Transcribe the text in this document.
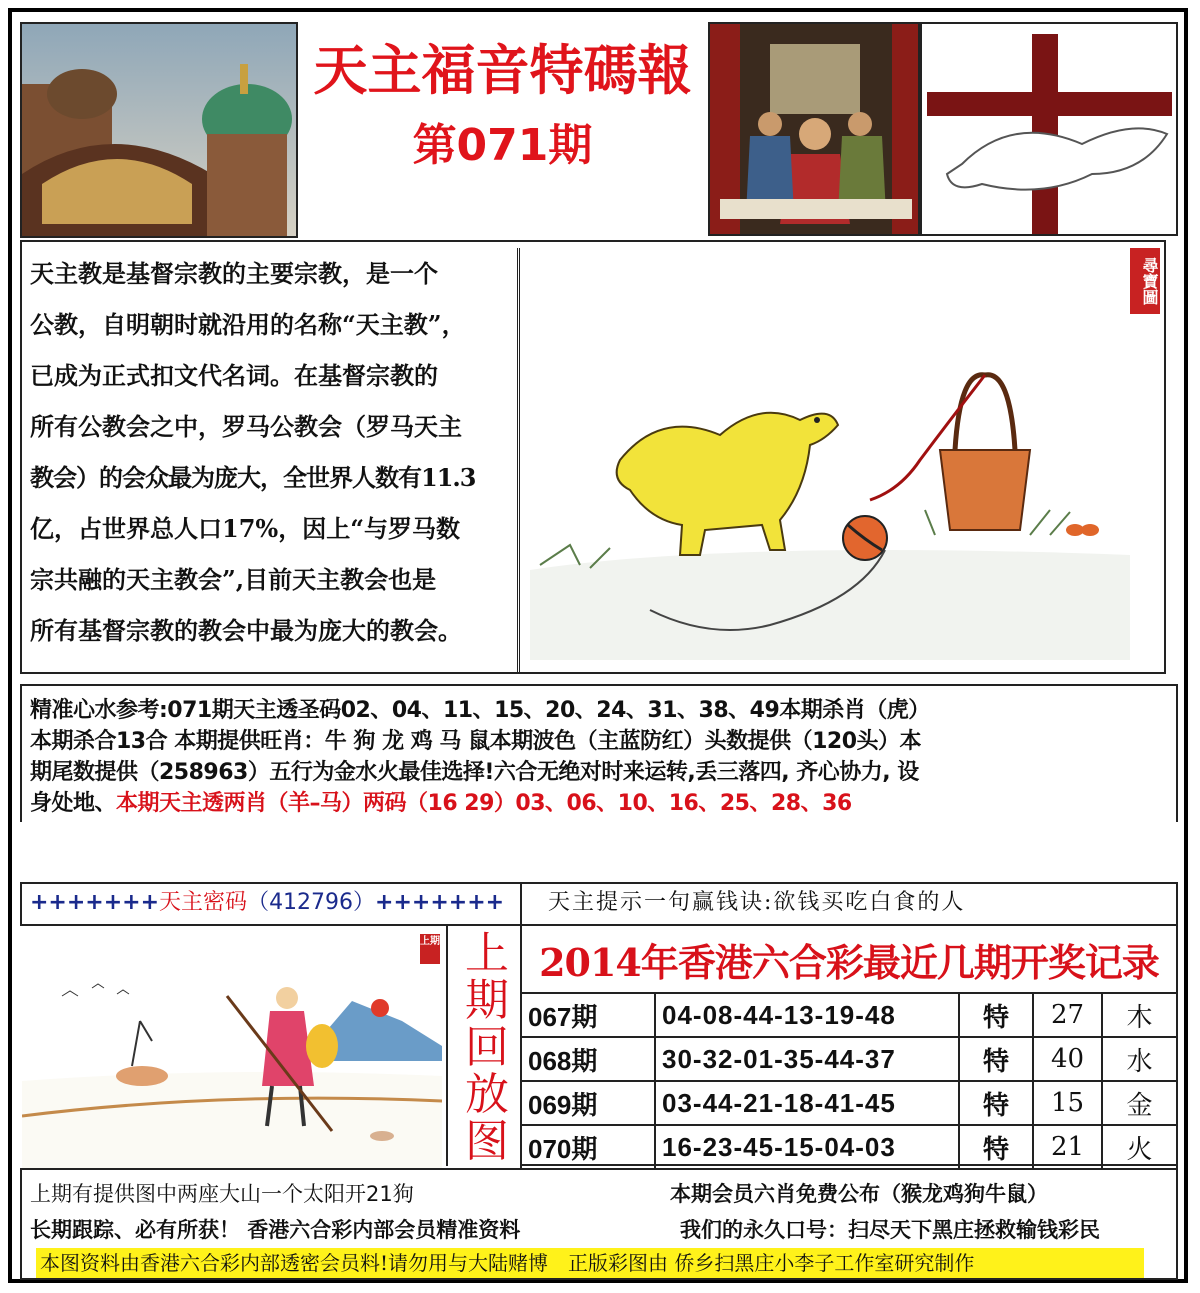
天主福音特碼報
第071期
天主教是基督宗教的主要宗教，是一个
公教，自明朝时就沿用的名称“天主教”，
已成为正式扣文代名词。在基督宗教的
所有公教会之中，罗马公教会（罗马天主
教会）的会众最为庞大，全世界人数有11.3
亿，占世界总人口17%，因上“与罗马数
宗共融的天主教会”,目前天主教会也是
所有基督宗教的教会中最为庞大的教会。
尋寶圖
精准心水参考:071期天主透圣码02、04、11、15、20、24、31、38、49本期杀肖（虎）
本期杀合13合 本期提供旺肖：牛 狗 龙 鸡 马 鼠本期波色（主蓝防红）头数提供（120头）本
期尾数提供（258963）五行为金水火最佳选择!六合无绝对时来运转,丢三落四, 齐心协力, 设
身处地、本期天主透两肖（羊–马）两码（16 29）03、06、10、16、25、28、36
+++++++天主密码（412796）+++++++ 天主提示一句赢钱诀:欲钱买吃白食的人
上期 上
期
回
放
图
2014年香港六合彩最近几期开奖记录
067期	04-08-44-13-19-48	特	27	木
068期	30-32-01-35-44-37	特	40	水
069期	03-44-21-18-41-45	特	15	金
070期	16-23-45-15-04-03	特	21	火
上期有提供图中两座大山一个太阳开21狗	本期会员六肖免费公布（猴龙鸡狗牛鼠）
长期跟踪、必有所获！ 香港六合彩内部会员精准资料	我们的永久口号：扫尽天下黑庄拯救输钱彩民
本图资料由香港六合彩内部透密会员料!请勿用与大陆赌博　正版彩图由 侨乡扫黑庄小李子工作室研究制作
